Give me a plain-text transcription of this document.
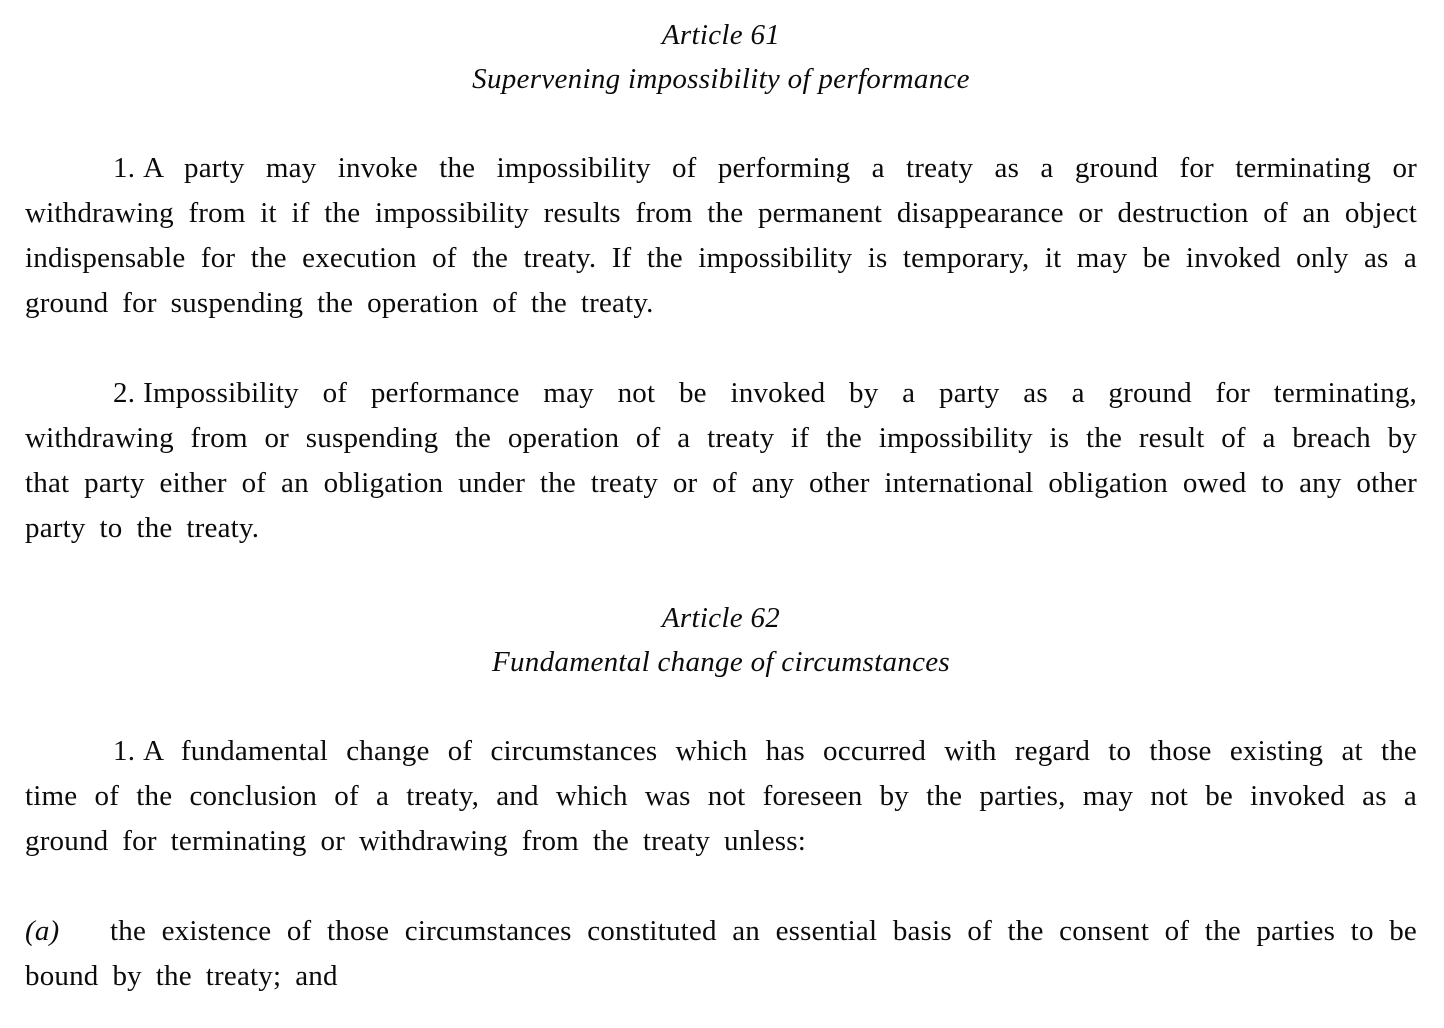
Article 61
Supervening impossibility of performance

1. A party may invoke the impossibility of performing a treaty as a ground for terminating or withdrawing from it if the impossibility results from the permanent disappearance or destruction of an object indispensable for the execution of the treaty. If the impossibility is temporary, it may be invoked only as a ground for suspending the operation of the treaty.

2. Impossibility of performance may not be invoked by a party as a ground for terminating, withdrawing from or suspending the operation of a treaty if the impossibility is the result of a breach by that party either of an obligation under the treaty or of any other international obligation owed to any other party to the treaty.

Article 62
Fundamental change of circumstances

1. A fundamental change of circumstances which has occurred with regard to those existing at the time of the conclusion of a treaty, and which was not foreseen by the parties, may not be invoked as a ground for terminating or withdrawing from the treaty unless:

(a) the existence of those circumstances constituted an essential basis of the consent of the parties to be bound by the treaty; and
